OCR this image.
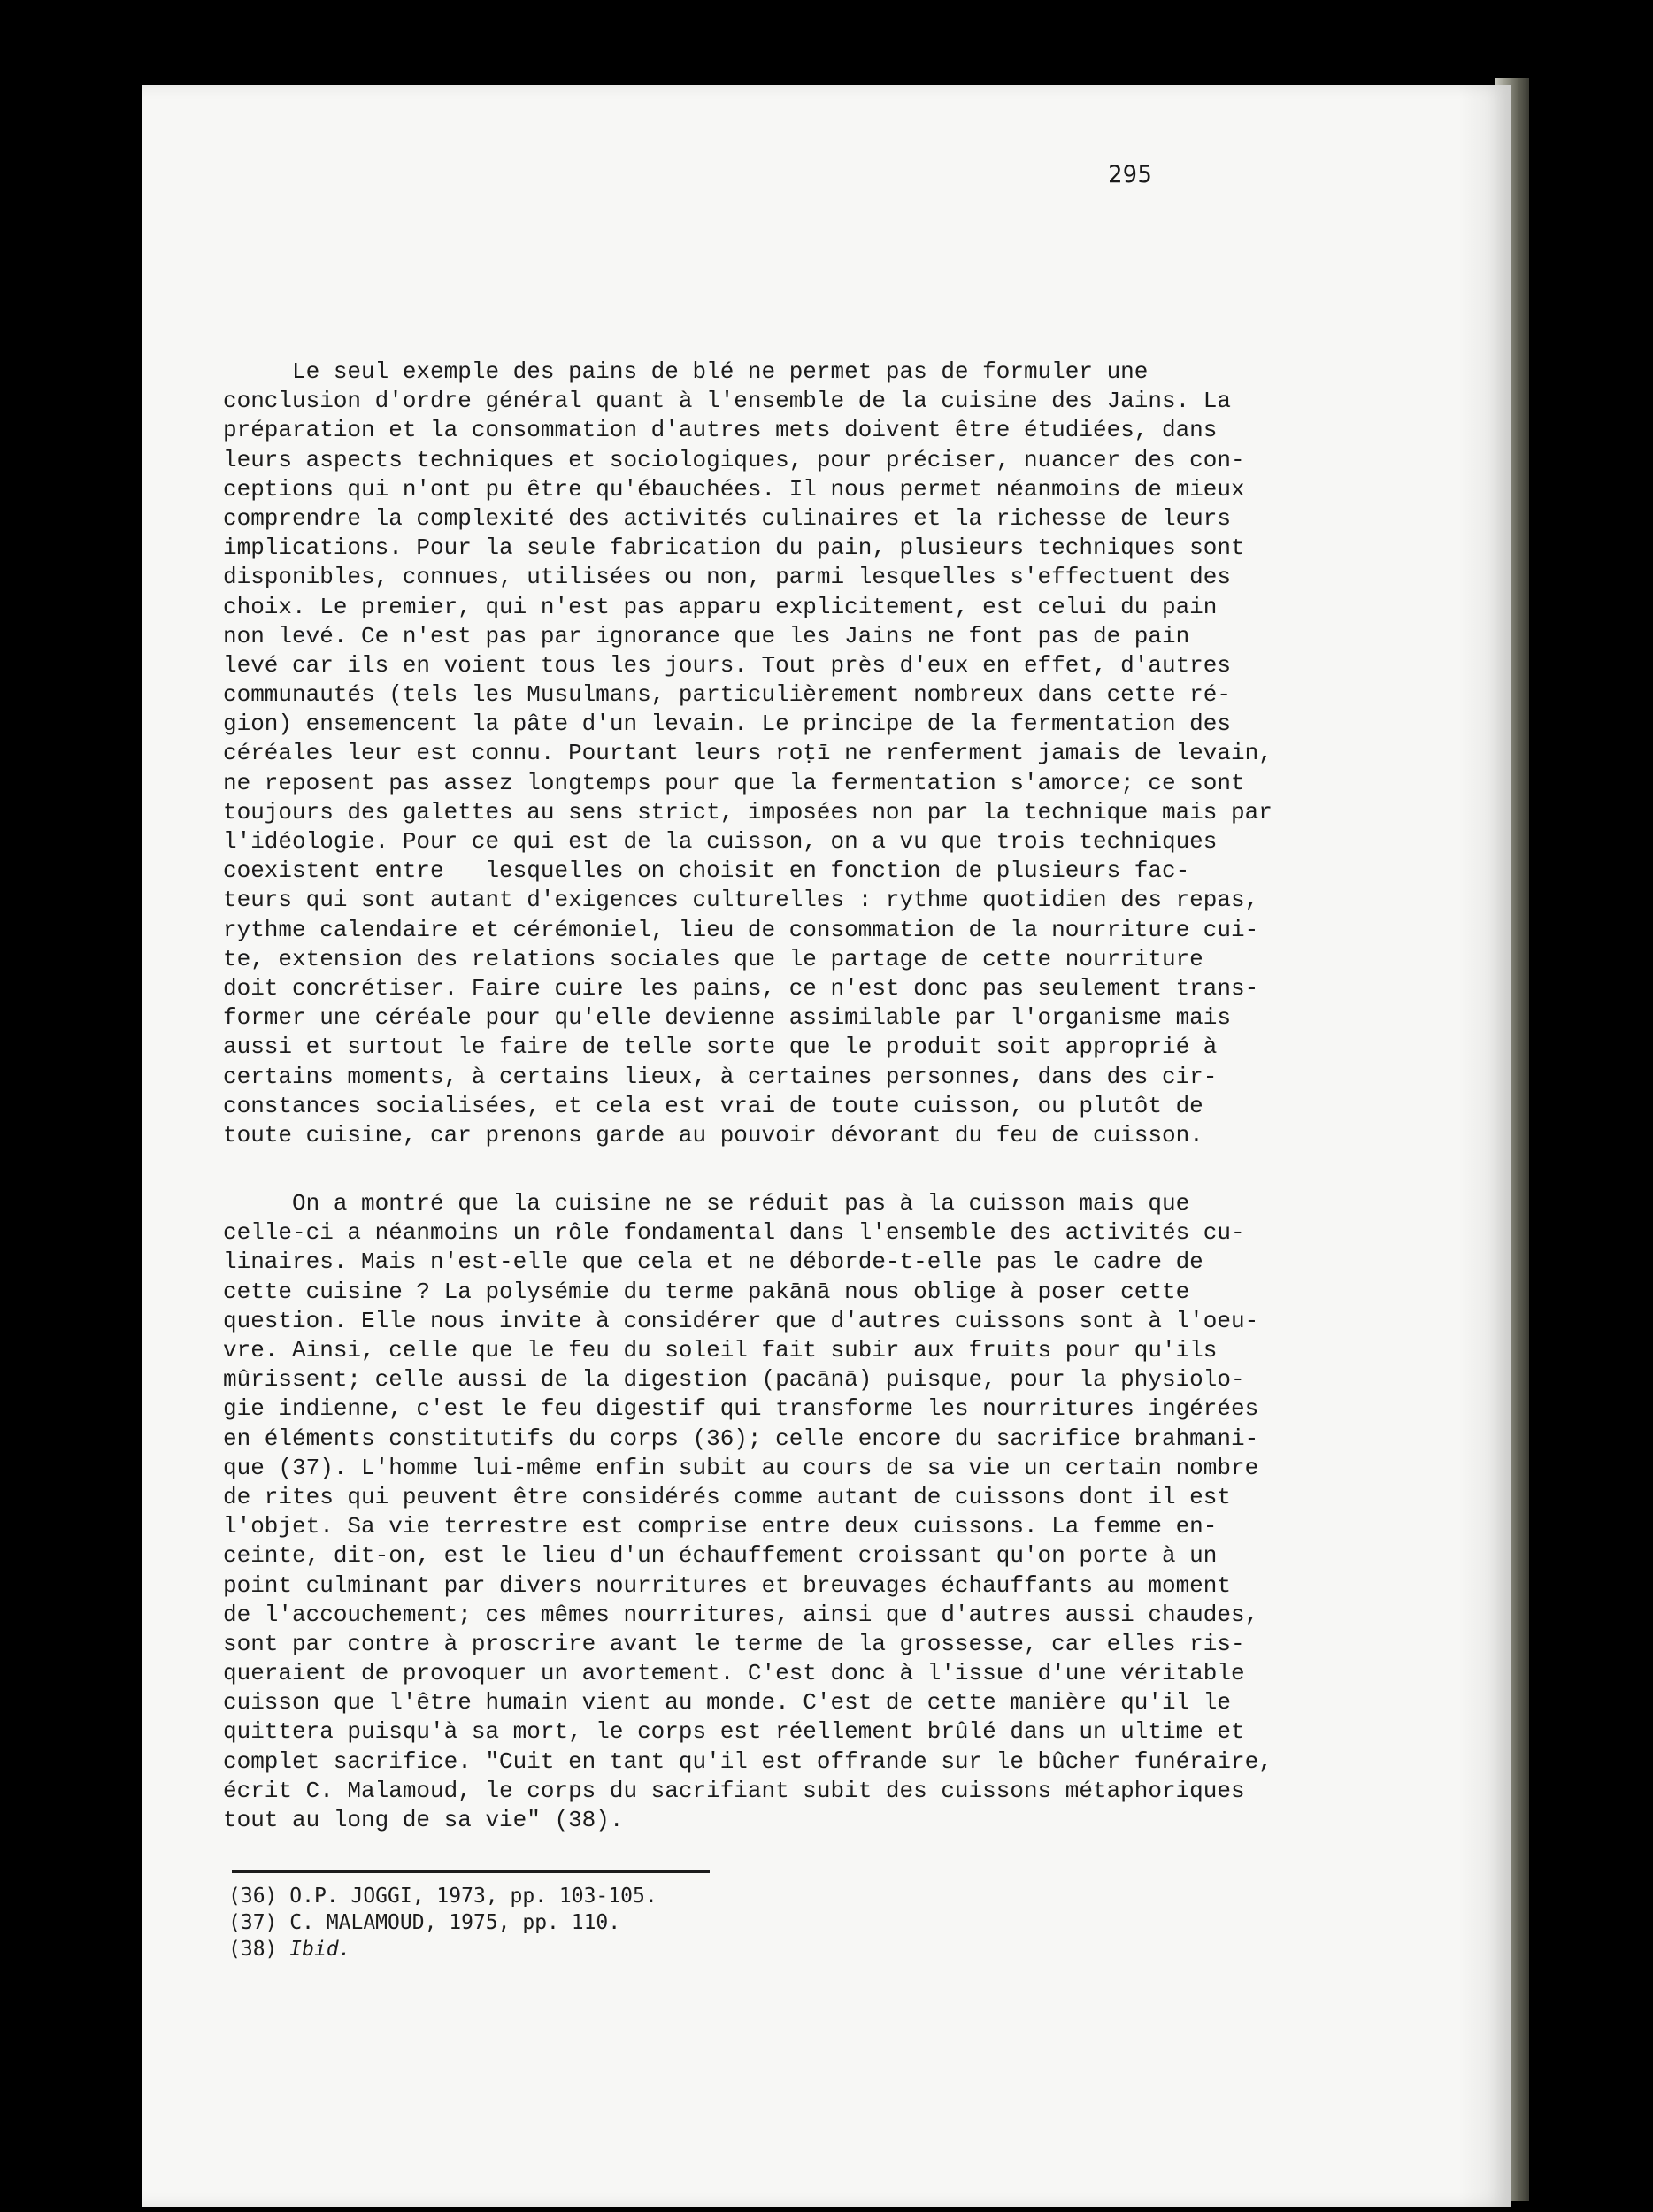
295
Le seul exemple des pains de blé ne permet pas de formuler une
conclusion d'ordre général quant à l'ensemble de la cuisine des Jains. La
préparation et la consommation d'autres mets doivent être étudiées, dans
leurs aspects techniques et sociologiques, pour préciser, nuancer des con-
ceptions qui n'ont pu être qu'ébauchées. Il nous permet néanmoins de mieux
comprendre la complexité des activités culinaires et la richesse de leurs
implications. Pour la seule fabrication du pain, plusieurs techniques sont
disponibles, connues, utilisées ou non, parmi lesquelles s'effectuent des
choix. Le premier, qui n'est pas apparu explicitement, est celui du pain
non levé. Ce n'est pas par ignorance que les Jains ne font pas de pain
levé car ils en voient tous les jours. Tout près d'eux en effet, d'autres
communautés (tels les Musulmans, particulièrement nombreux dans cette ré-
gion) ensemencent la pâte d'un levain. Le principe de la fermentation des
céréales leur est connu. Pourtant leurs roṭī ne renferment jamais de levain,
ne reposent pas assez longtemps pour que la fermentation s'amorce; ce sont
toujours des galettes au sens strict, imposées non par la technique mais par
l'idéologie. Pour ce qui est de la cuisson, on a vu que trois techniques
coexistent entre   lesquelles on choisit en fonction de plusieurs fac-
teurs qui sont autant d'exigences culturelles : rythme quotidien des repas,
rythme calendaire et cérémoniel, lieu de consommation de la nourriture cui-
te, extension des relations sociales que le partage de cette nourriture
doit concrétiser. Faire cuire les pains, ce n'est donc pas seulement trans-
former une céréale pour qu'elle devienne assimilable par l'organisme mais
aussi et surtout le faire de telle sorte que le produit soit approprié à
certains moments, à certains lieux, à certaines personnes, dans des cir-
constances socialisées, et cela est vrai de toute cuisson, ou plutôt de
toute cuisine, car prenons garde au pouvoir dévorant du feu de cuisson.
On a montré que la cuisine ne se réduit pas à la cuisson mais que
celle-ci a néanmoins un rôle fondamental dans l'ensemble des activités cu-
linaires. Mais n'est-elle que cela et ne déborde-t-elle pas le cadre de
cette cuisine ? La polysémie du terme pakānā nous oblige à poser cette
question. Elle nous invite à considérer que d'autres cuissons sont à l'oeu-
vre. Ainsi, celle que le feu du soleil fait subir aux fruits pour qu'ils
mûrissent; celle aussi de la digestion (pacānā) puisque, pour la physiolo-
gie indienne, c'est le feu digestif qui transforme les nourritures ingérées
en éléments constitutifs du corps (36); celle encore du sacrifice brahmani-
que (37). L'homme lui-même enfin subit au cours de sa vie un certain nombre
de rites qui peuvent être considérés comme autant de cuissons dont il est
l'objet. Sa vie terrestre est comprise entre deux cuissons. La femme en-
ceinte, dit-on, est le lieu d'un échauffement croissant qu'on porte à un
point culminant par divers nourritures et breuvages échauffants au moment
de l'accouchement; ces mêmes nourritures, ainsi que d'autres aussi chaudes,
sont par contre à proscrire avant le terme de la grossesse, car elles ris-
queraient de provoquer un avortement. C'est donc à l'issue d'une véritable
cuisson que l'être humain vient au monde. C'est de cette manière qu'il le
quittera puisqu'à sa mort, le corps est réellement brûlé dans un ultime et
complet sacrifice. "Cuit en tant qu'il est offrande sur le bûcher funéraire,
écrit C. Malamoud, le corps du sacrifiant subit des cuissons métaphoriques
tout au long de sa vie" (38).
(36) O.P. JOGGI, 1973, pp. 103-105.
(37) C. MALAMOUD, 1975, pp. 110.
(38) Ibid.
